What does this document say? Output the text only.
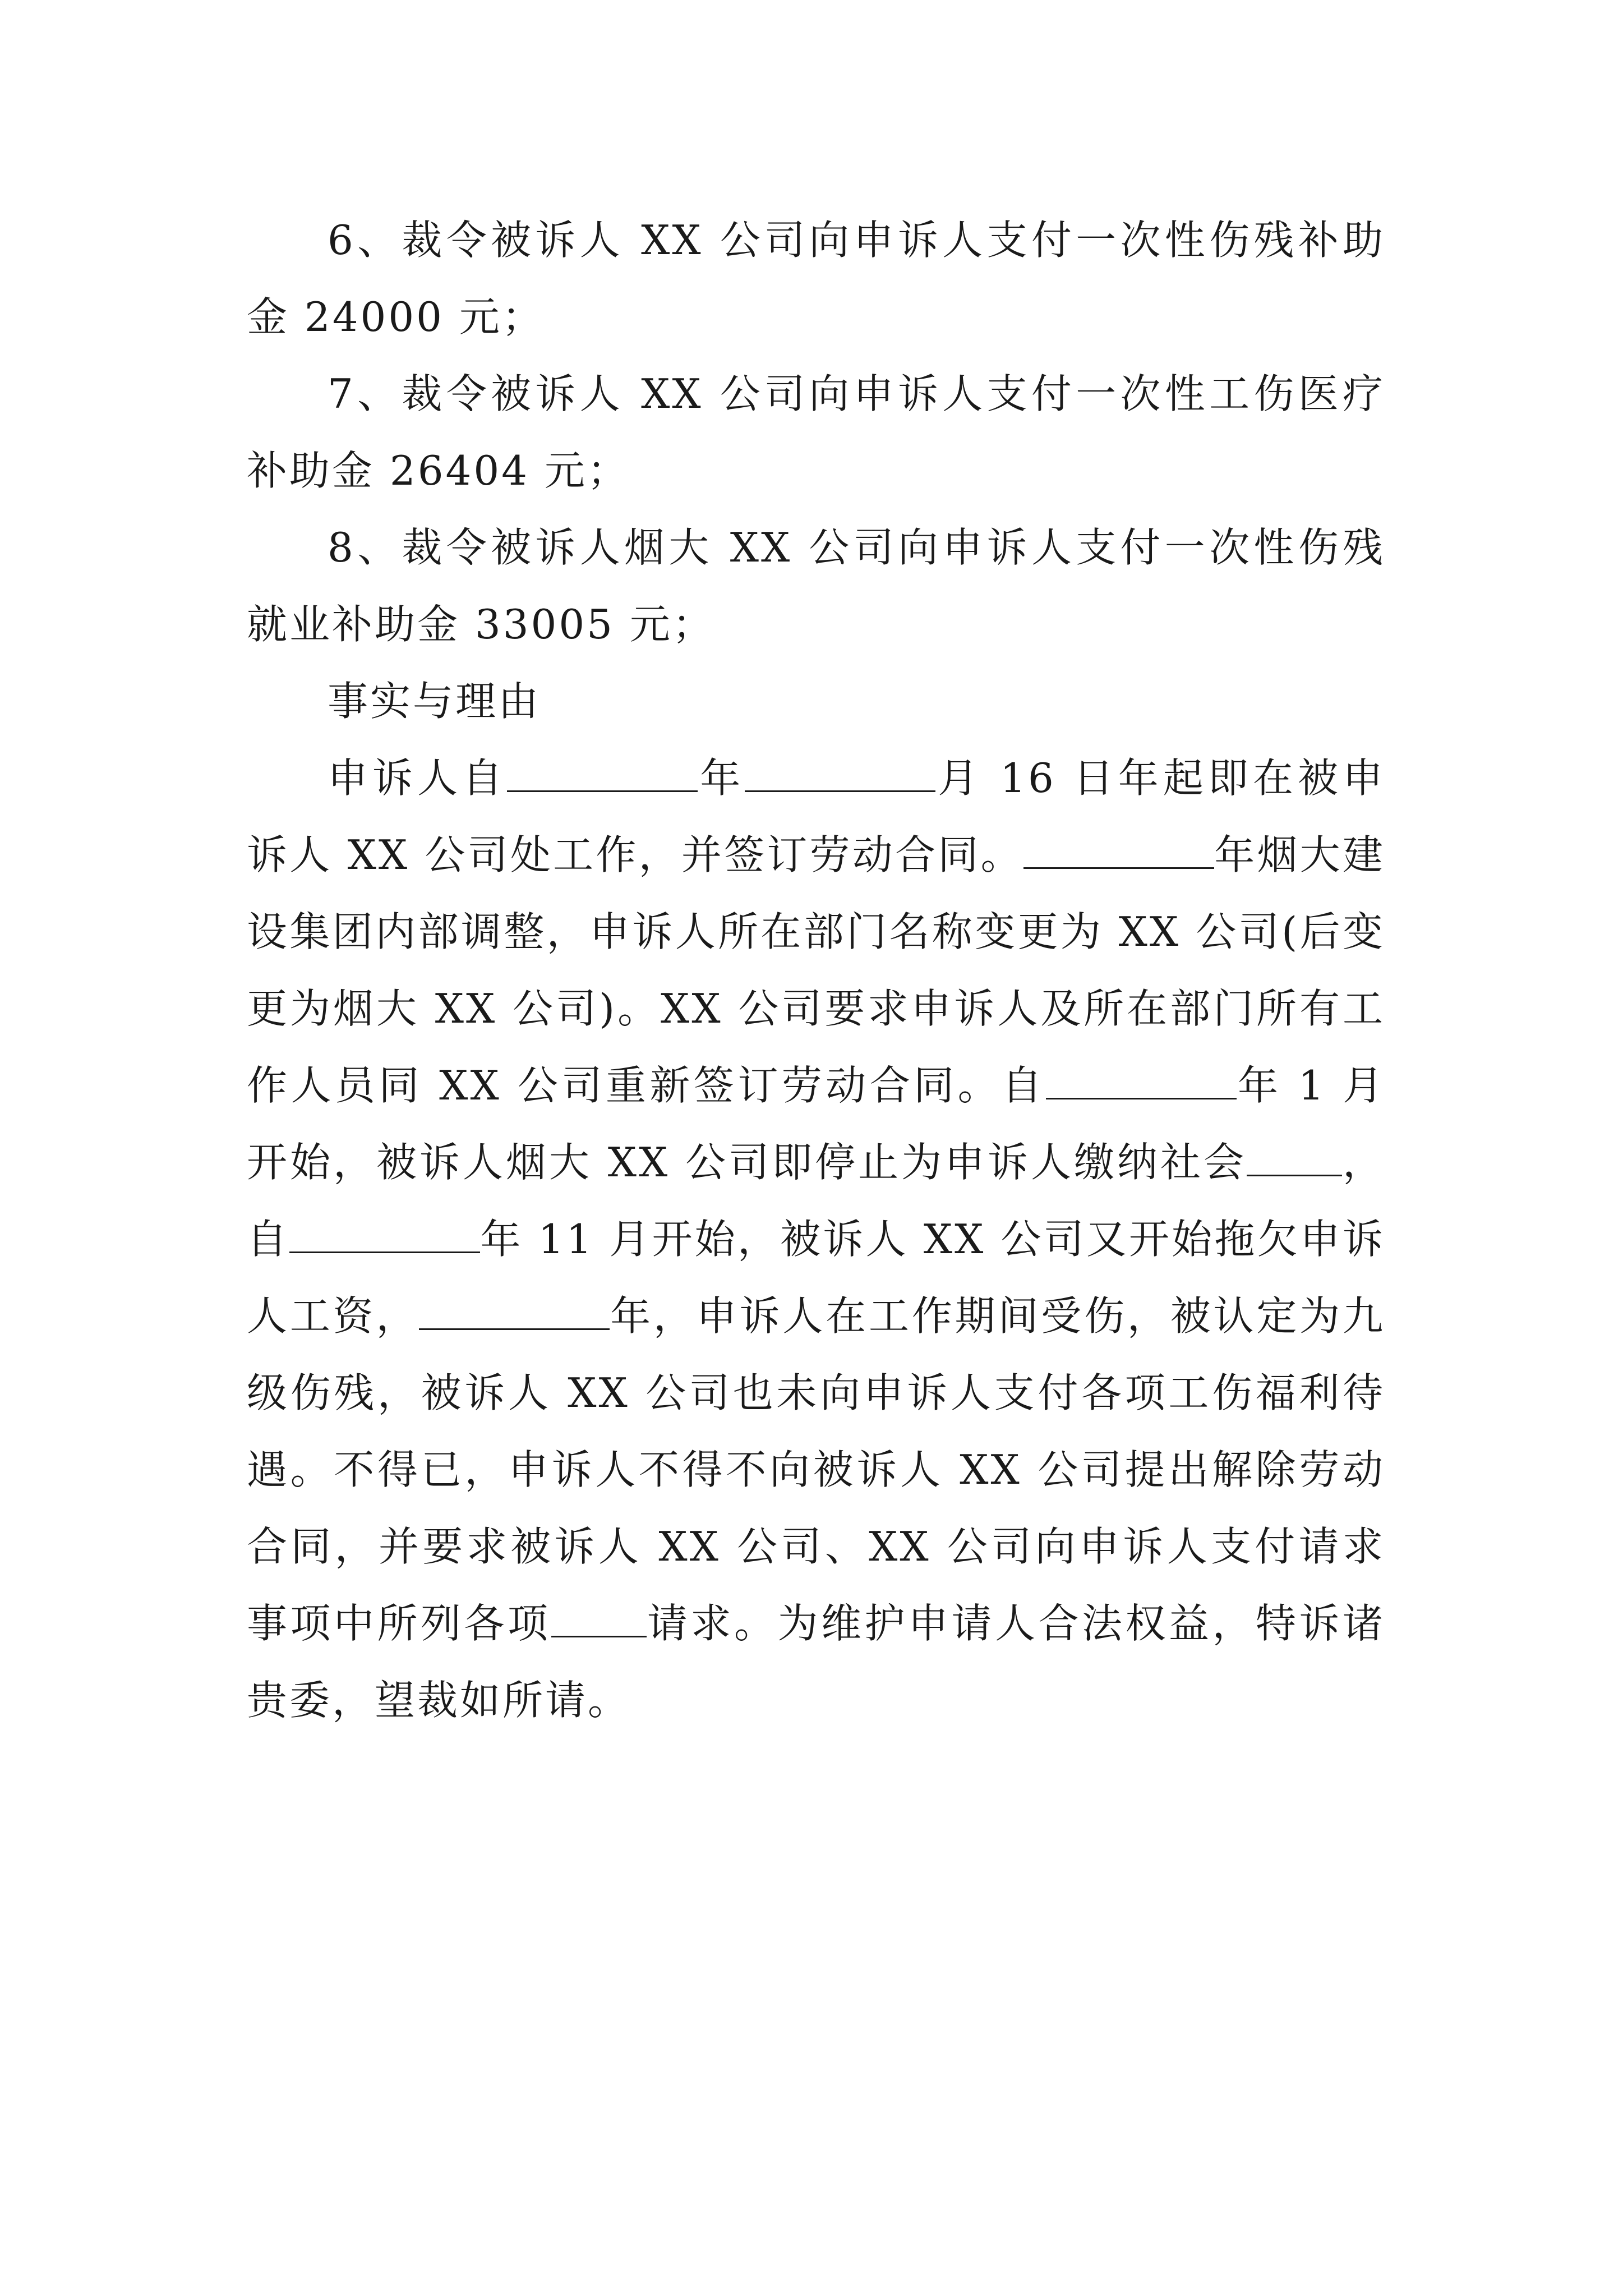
6、裁令被诉人 XX 公司向申诉人支付一次性伤残补助金 24000 元；

7、裁令被诉人 XX 公司向申诉人支付一次性工伤医疗补助金 26404 元；

8、裁令被诉人烟大 XX 公司向申诉人支付一次性伤残就业补助金 33005 元；

事实与理由

申诉人自	年	月 16 日年起即在被申诉人 XX 公司处工作，并签订劳动合同。	年烟大建设集团内部调整，申诉人所在部门名称变更为 XX 公司(后变更为烟大 XX 公司)。XX 公司要求申诉人及所在部门所有工作人员同 XX 公司重新签订劳动合同。自	年 1 月开始，被诉人烟大 XX 公司即停止为申诉人缴纳社会 ，自	年 11 月开始，被诉人 XX 公司又开始拖欠申诉人工资，	年，申诉人在工作期间受伤，被认定为九级伤残，被诉人 XX 公司也未向申诉人支付各项工伤福利待遇。不得已，申诉人不得不向被诉人 XX 公司提出解除劳动合同，并要求被诉人 XX 公司、XX 公司向申诉人支付请求事项中所列各项 请求。为维护申请人合法权益，特诉诸贵委，望裁如所请。
